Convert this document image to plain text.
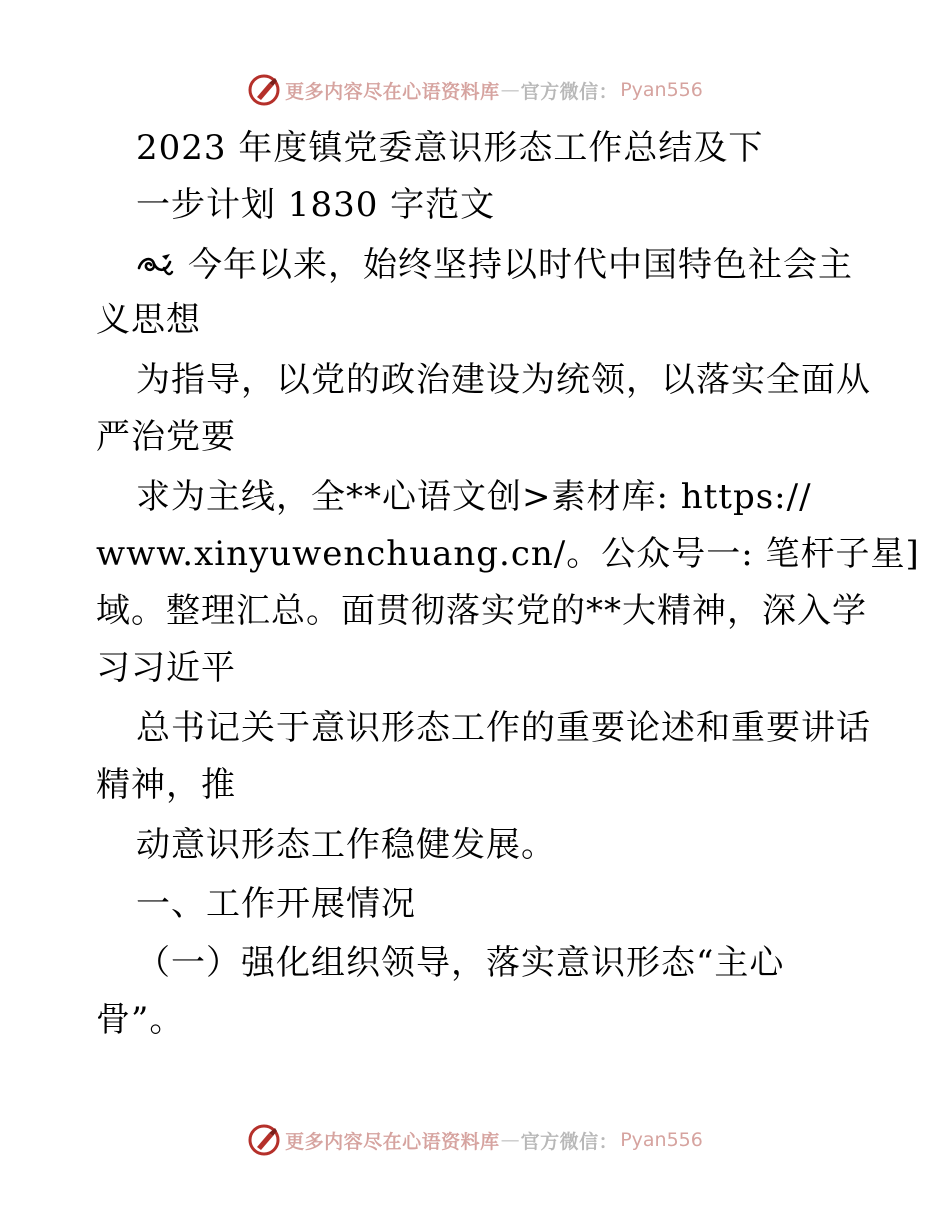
更多内容尽在心语资料库 — 官方微信： Pyan556
2023 年度镇党委意识形态工作总结及下
一步计划 1830 字范文
今年以来，始终坚持以时代中国特色社会主
义思想
为指导，以党的政治建设为统领，以落实全面从
严治党要
求为主线，全**心语文创>素材库: https://
www.xinyuwenchuang.cn/。公众号一: 笔杆子星]
域。整理汇总。面贯彻落实党的**大精神，深入学
习习近平
总书记关于意识形态工作的重要论述和重要讲话
精神，推
动意识形态工作稳健发展。
一、工作开展情况
（一）强化组织领导，落实意识形态“主心
骨”。
更多内容尽在心语资料库 — 官方微信： Pyan556
